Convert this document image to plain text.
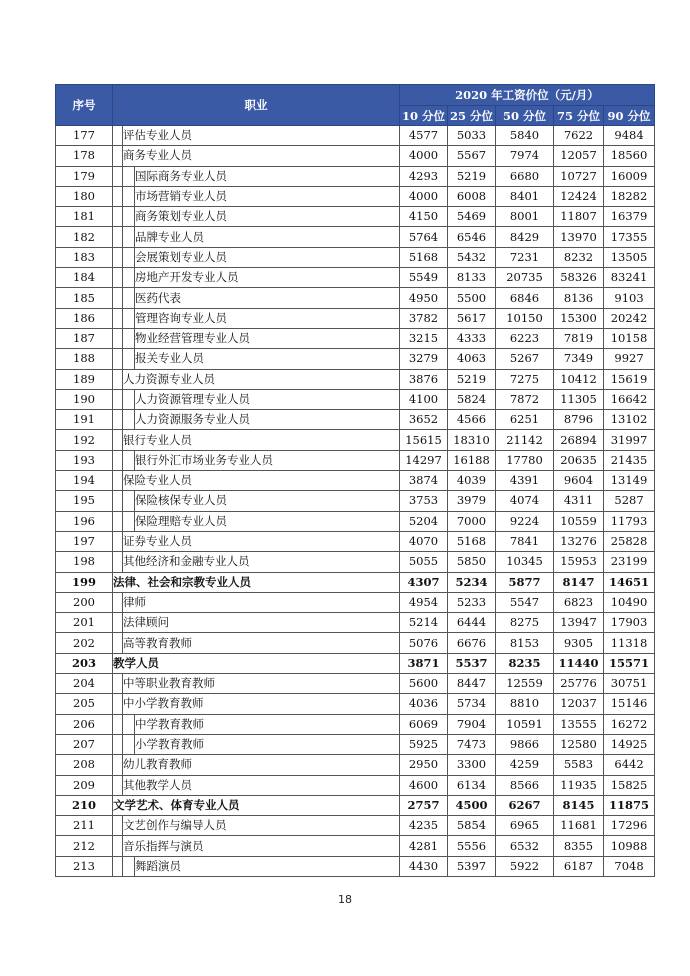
序号	职业			2020 年工资价位（元/月）				
				10 分位	25 分位	50 分位	75 分位	90 分位
177		评估专业人员		4577	5033	5840	7622	9484
178		商务专业人员		4000	5567	7974	12057	18560
179			国际商务专业人员	4293	5219	6680	10727	16009
180			市场营销专业人员	4000	6008	8401	12424	18282
181			商务策划专业人员	4150	5469	8001	11807	16379
182			品牌专业人员	5764	6546	8429	13970	17355
183			会展策划专业人员	5168	5432	7231	8232	13505
184			房地产开发专业人员	5549	8133	20735	58326	83241
185			医药代表	4950	5500	6846	8136	9103
186			管理咨询专业人员	3782	5617	10150	15300	20242
187			物业经营管理专业人员	3215	4333	6223	7819	10158
188			报关专业人员	3279	4063	5267	7349	9927
189		人力资源专业人员		3876	5219	7275	10412	15619
190			人力资源管理专业人员	4100	5824	7872	11305	16642
191			人力资源服务专业人员	3652	4566	6251	8796	13102
192		银行专业人员		15615	18310	21142	26894	31997
193			银行外汇市场业务专业人员	14297	16188	17780	20635	21435
194		保险专业人员		3874	4039	4391	9604	13149
195			保险核保专业人员	3753	3979	4074	4311	5287
196			保险理赔专业人员	5204	7000	9224	10559	11793
197		证券专业人员		4070	5168	7841	13276	25828
198		其他经济和金融专业人员		5055	5850	10345	15953	23199
199	法律、社会和宗教专业人员			4307	5234	5877	8147	14651
200		律师		4954	5233	5547	6823	10490
201		法律顾问		5214	6444	8275	13947	17903
202		高等教育教师		5076	6676	8153	9305	11318
203	教学人员			3871	5537	8235	11440	15571
204		中等职业教育教师		5600	8447	12559	25776	30751
205		中小学教育教师		4036	5734	8810	12037	15146
206			中学教育教师	6069	7904	10591	13555	16272
207			小学教育教师	5925	7473	9866	12580	14925
208		幼儿教育教师		2950	3300	4259	5583	6442
209		其他教学人员		4600	6134	8566	11935	15825
210	文学艺术、体育专业人员			2757	4500	6267	8145	11875
211		文艺创作与编导人员		4235	5854	6965	11681	17296
212		音乐指挥与演员		4281	5556	6532	8355	10988
213			舞蹈演员	4430	5397	5922	6187	7048
18
